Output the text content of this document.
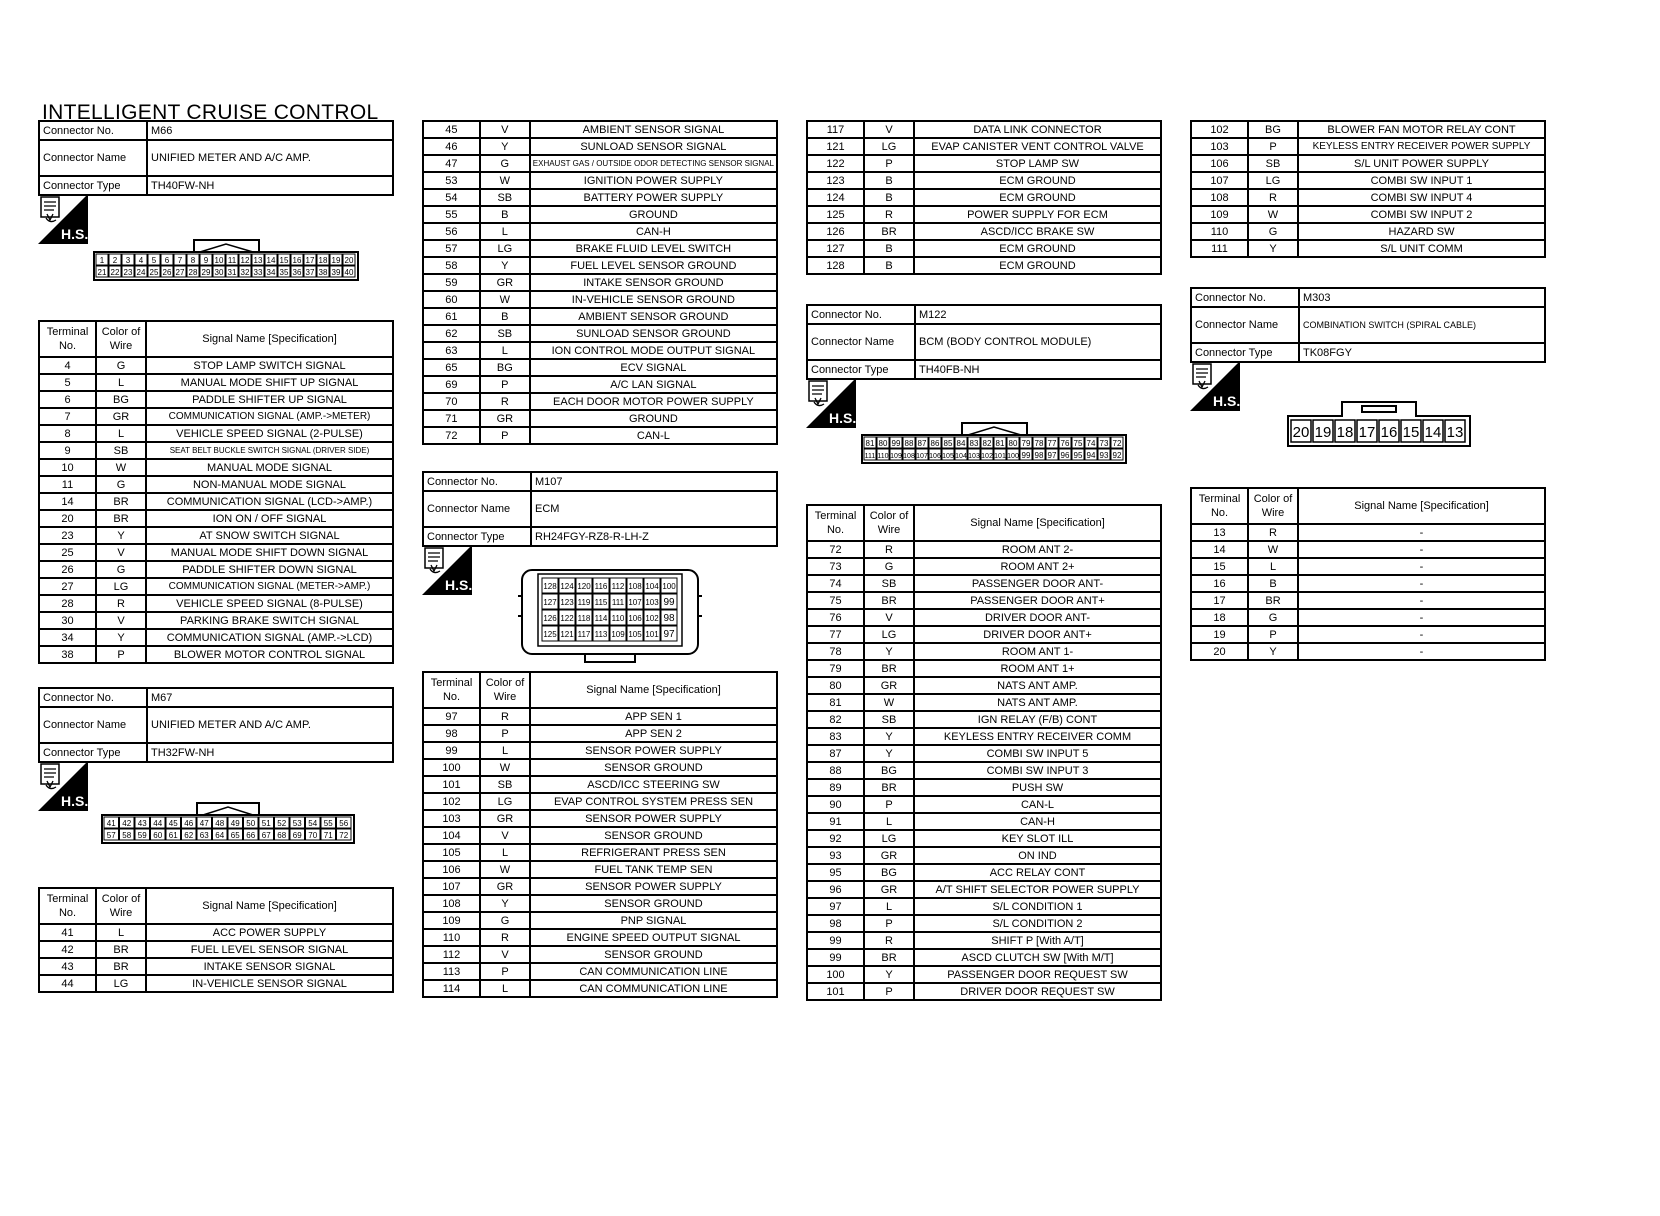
INTELLIGENT CRUISE CONTROL
Connector No.	M66
Connector Name	UNIFIED METER AND A/C AMP.
Connector Type	TH40FW-NH
H.S.
1 2 3 4 5 6 7 8 9 10 11 12 13 14 15 16 17 18 19 20
21 22 23 24 25 26 27 28 29 30 31 32 33 34 35 36 37 38 39 40
Terminal No.	Color of Wire	Signal Name [Specification]
4	G	STOP LAMP SWITCH SIGNAL
5	L	MANUAL MODE SHIFT UP SIGNAL
6	BG	PADDLE SHIFTER UP SIGNAL
7	GR	COMMUNICATION SIGNAL (AMP.->METER)
8	L	VEHICLE SPEED SIGNAL (2-PULSE)
9	SB	SEAT BELT BUCKLE SWITCH SIGNAL (DRIVER SIDE)
10	W	MANUAL MODE SIGNAL
11	G	NON-MANUAL MODE SIGNAL
14	BR	COMMUNICATION SIGNAL (LCD->AMP.)
20	BR	ION ON / OFF SIGNAL
23	Y	AT SNOW SWITCH SIGNAL
25	V	MANUAL MODE SHIFT DOWN SIGNAL
26	G	PADDLE SHIFTER DOWN SIGNAL
27	LG	COMMUNICATION SIGNAL (METER->AMP.)
28	R	VEHICLE SPEED SIGNAL (8-PULSE)
30	V	PARKING BRAKE SWITCH SIGNAL
34	Y	COMMUNICATION SIGNAL (AMP.->LCD)
38	P	BLOWER MOTOR CONTROL SIGNAL
Connector No.	M67
Connector Name	UNIFIED METER AND A/C AMP.
Connector Type	TH32FW-NH
H.S.
41 42 43 44 45 46 47 48 49 50 51 52 53 54 55 56
57 58 59 60 61 62 63 64 65 66 67 68 69 70 71 72
Terminal No.	Color of Wire	Signal Name [Specification]
41	L	ACC POWER SUPPLY
42	BR	FUEL LEVEL SENSOR SIGNAL
43	BR	INTAKE SENSOR SIGNAL
44	LG	IN-VEHICLE SENSOR SIGNAL
45	V	AMBIENT SENSOR SIGNAL
46	Y	SUNLOAD SENSOR SIGNAL
47	G	EXHAUST GAS / OUTSIDE ODOR DETECTING SENSOR SIGNAL
53	W	IGNITION POWER SUPPLY
54	SB	BATTERY POWER SUPPLY
55	B	GROUND
56	L	CAN-H
57	LG	BRAKE FLUID LEVEL SWITCH
58	Y	FUEL LEVEL SENSOR GROUND
59	GR	INTAKE SENSOR GROUND
60	W	IN-VEHICLE SENSOR GROUND
61	B	AMBIENT SENSOR GROUND
62	SB	SUNLOAD SENSOR GROUND
63	L	ION CONTROL MODE OUTPUT SIGNAL
65	BG	ECV SIGNAL
69	P	A/C LAN SIGNAL
70	R	EACH DOOR MOTOR POWER SUPPLY
71	GR	GROUND
72	P	CAN-L
Connector No.	M107
Connector Name	ECM
Connector Type	RH24FGY-RZ8-R-LH-Z
H.S.	128 124 120 116 112 108 104 100
127 123 119 115 111 107 103 99
126 122 118 114 110 106 102 98
125 121 117 113 109 105 101 97
Terminal No.	Color of Wire	Signal Name [Specification]
97	R	APP SEN 1
98	P	APP SEN 2
99	L	SENSOR POWER SUPPLY
100	W	SENSOR GROUND
101	SB	ASCD/ICC STEERING SW
102	LG	EVAP CONTROL SYSTEM PRESS SEN
103	GR	SENSOR POWER SUPPLY
104	V	SENSOR GROUND
105	L	REFRIGERANT PRESS SEN
106	W	FUEL TANK TEMP SEN
107	GR	SENSOR POWER SUPPLY
108	Y	SENSOR GROUND
109	G	PNP SIGNAL
110	R	ENGINE SPEED OUTPUT SIGNAL
112	V	SENSOR GROUND
113	P	CAN COMMUNICATION LINE
114	L	CAN COMMUNICATION LINE
117	V	DATA LINK CONNECTOR
121	LG	EVAP CANISTER VENT CONTROL VALVE
122	P	STOP LAMP SW
123	B	ECM GROUND
124	B	ECM GROUND
125	R	POWER SUPPLY FOR ECM
126	BR	ASCD/ICC BRAKE SW
127	B	ECM GROUND
128	B	ECM GROUND
Connector No.	M122
Connector Name	BCM (BODY CONTROL MODULE)
Connector Type	TH40FB-NH
H.S.
81 80 99 88 87 86 85 84 83 82 81 80 79 78 77 76 75 74 73 72
111 110 109 108 107 106 105 104 103 102 101 100 99 98 97 96 95 94 93 92
Terminal No.	Color of Wire	Signal Name [Specification]
72	R	ROOM ANT 2-
73	G	ROOM ANT 2+
74	SB	PASSENGER DOOR ANT-
75	BR	PASSENGER DOOR ANT+
76	V	DRIVER DOOR ANT-
77	LG	DRIVER DOOR ANT+
78	Y	ROOM ANT 1-
79	BR	ROOM ANT 1+
80	GR	NATS ANT AMP.
81	W	NATS ANT AMP.
82	SB	IGN RELAY (F/B) CONT
83	Y	KEYLESS ENTRY RECEIVER COMM
87	Y	COMBI SW INPUT 5
88	BG	COMBI SW INPUT 3
89	BR	PUSH SW
90	P	CAN-L
91	L	CAN-H
92	LG	KEY SLOT ILL
93	GR	ON IND
95	BG	ACC RELAY CONT
96	GR	A/T SHIFT SELECTOR POWER SUPPLY
97	L	S/L CONDITION 1
98	P	S/L CONDITION 2
99	R	SHIFT P [With A/T]
99	BR	ASCD CLUTCH SW [With M/T]
100	Y	PASSENGER DOOR REQUEST SW
101	P	DRIVER DOOR REQUEST SW
102	BG	BLOWER FAN MOTOR RELAY CONT
103	P	KEYLESS ENTRY RECEIVER POWER SUPPLY
106	SB	S/L UNIT POWER SUPPLY
107	LG	COMBI SW INPUT 1
108	R	COMBI SW INPUT 4
109	W	COMBI SW INPUT 2
110	G	HAZARD SW
111	Y	S/L UNIT COMM
Connector No.	M303
Connector Name	COMBINATION SWITCH (SPIRAL CABLE)
Connector Type	TK08FGY
H.S.
20 19 18 17 16 15 14 13
Terminal No.	Color of Wire	Signal Name [Specification]
13	R	-
14	W	-
15	L	-
16	B	-
17	BR	-
18	G	-
19	P	-
20	Y	-
